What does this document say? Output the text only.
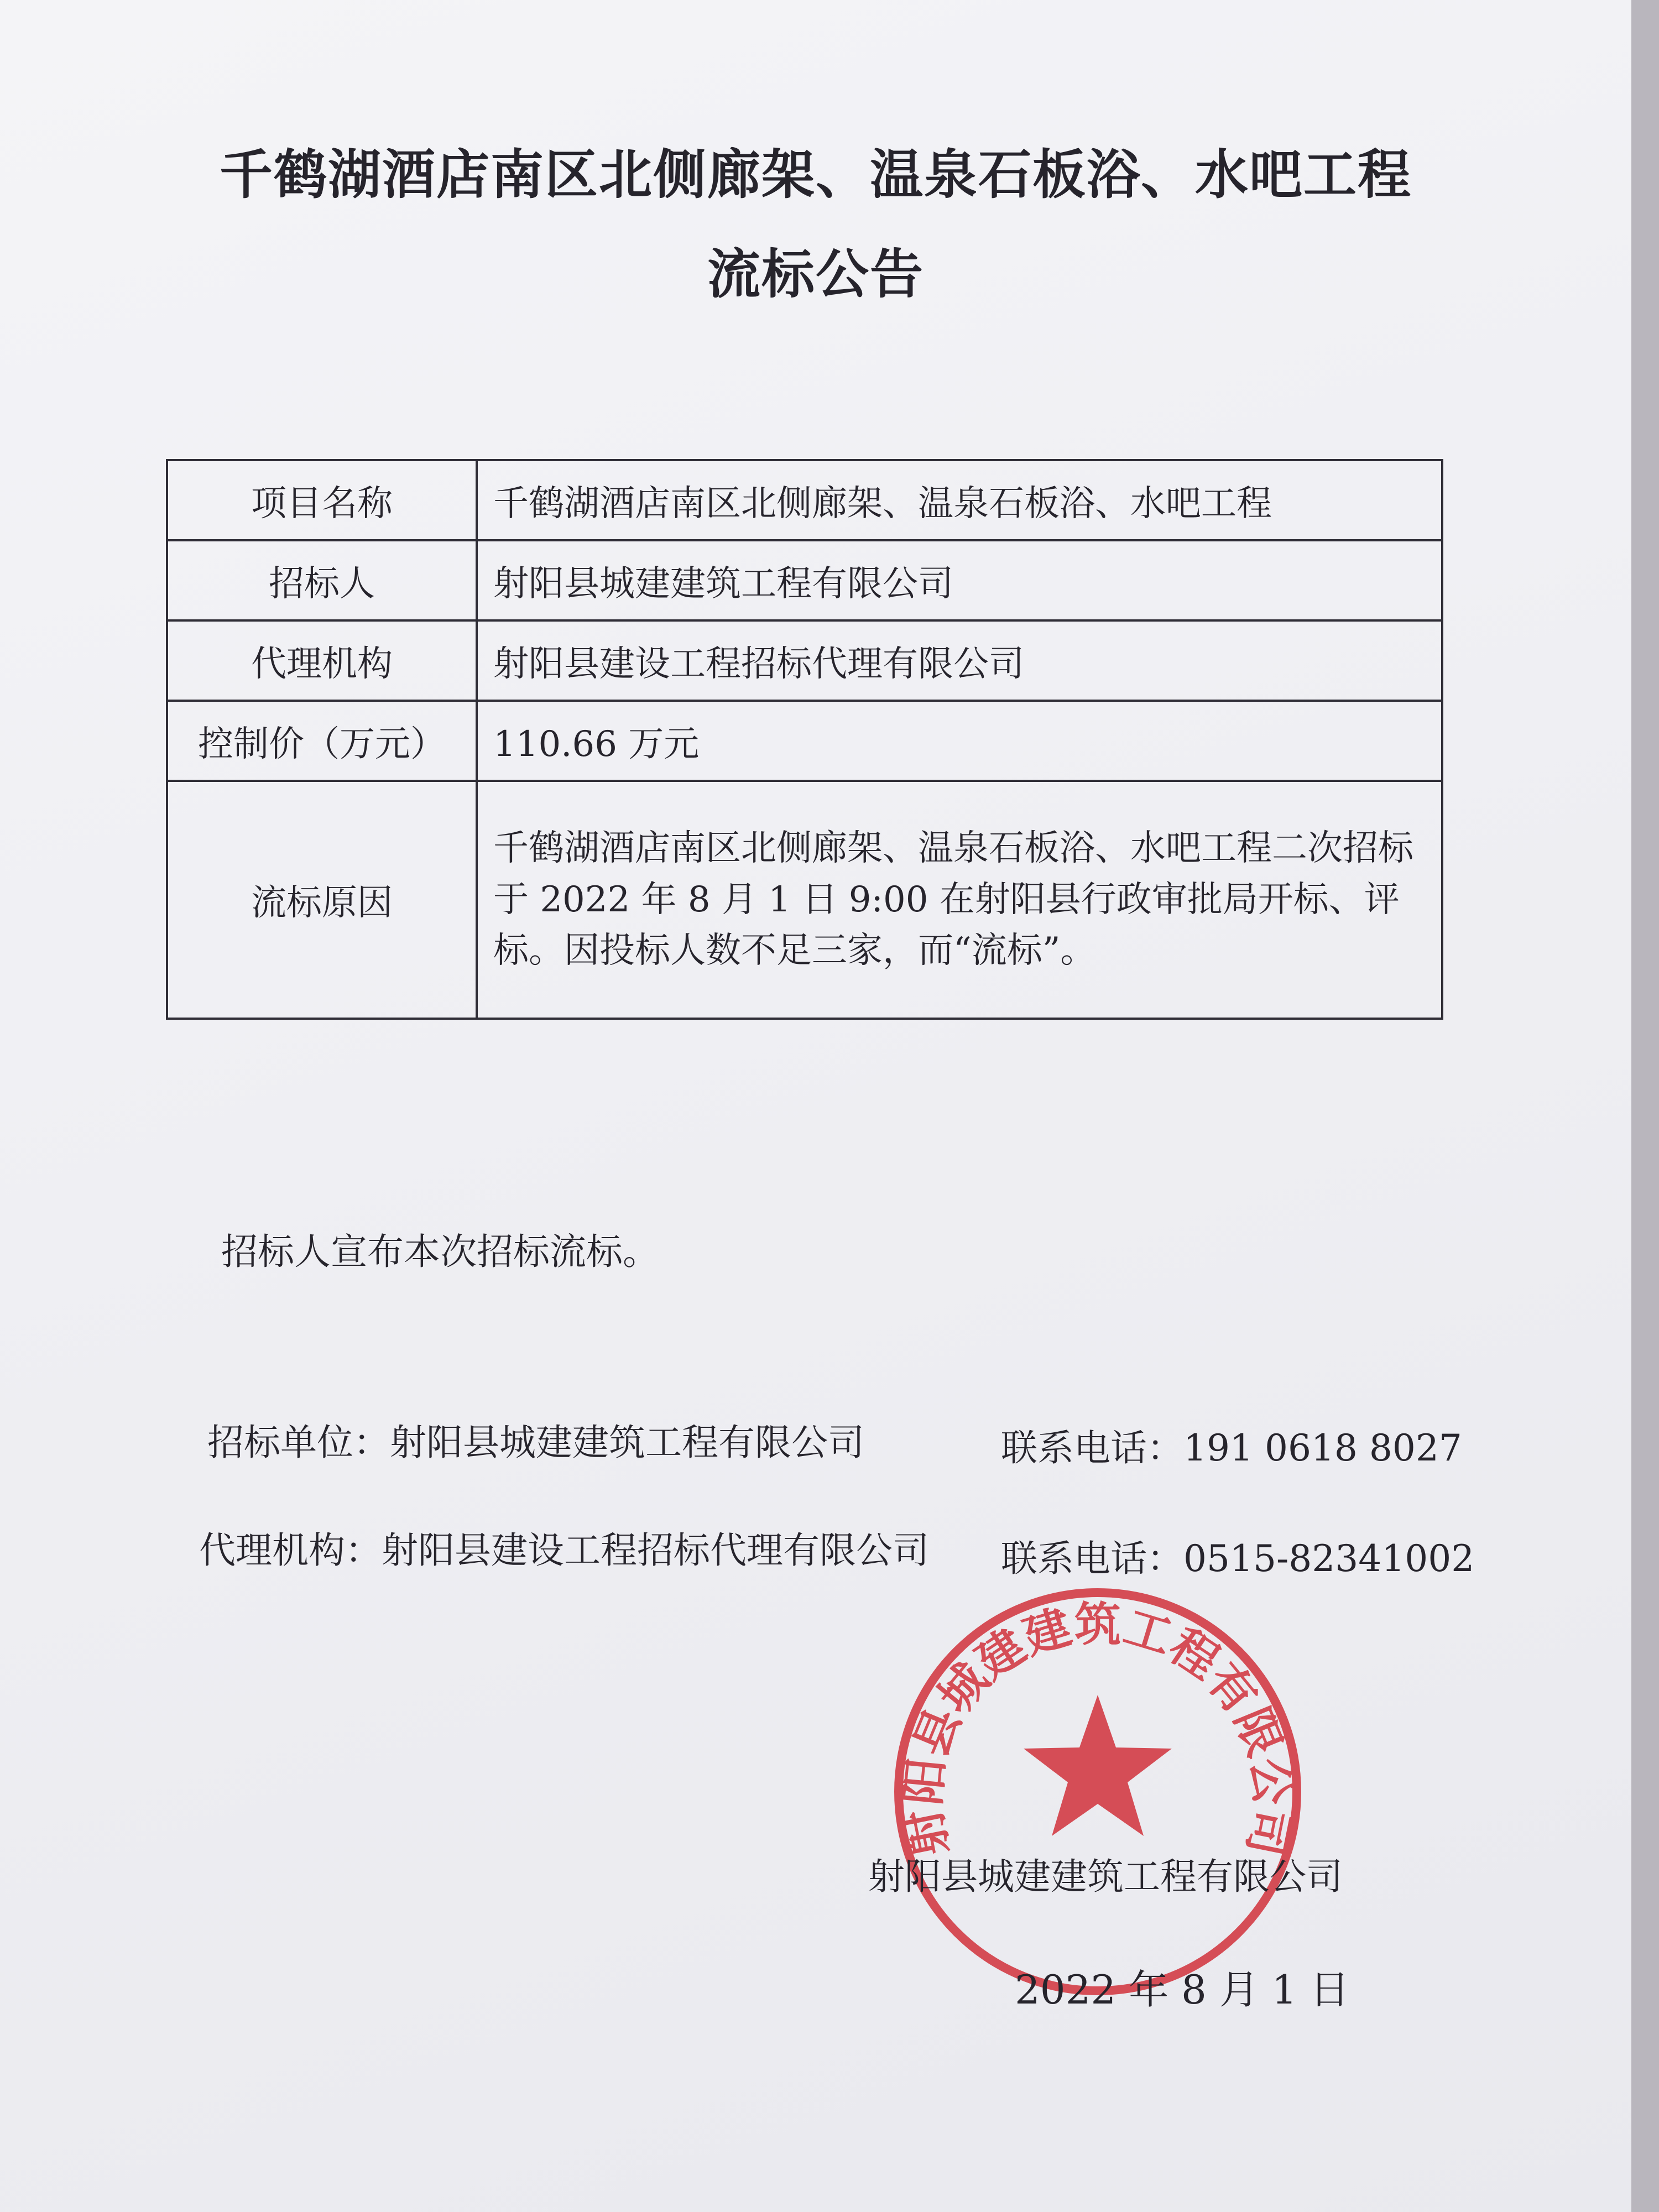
千鹤湖酒店南区北侧廊架、温泉石板浴、水吧工程
流标公告
项目名称	千鹤湖酒店南区北侧廊架、温泉石板浴、水吧工程
招标人	射阳县城建建筑工程有限公司
代理机构	射阳县建设工程招标代理有限公司
控制价（万元）	110.66 万元
流标原因	千鹤湖酒店南区北侧廊架、温泉石板浴、水吧工程二次招标于 2022 年 8 月 1 日 9:00 在射阳县行政审批局开标、评标。因投标人数不足三家，而“流标”。
招标人宣布本次招标流标。
招标单位：射阳县城建建筑工程有限公司	联系电话：191 0618 8027
代理机构：射阳县建设工程招标代理有限公司 联系电话：0515-82341002
射阳县城建建筑工程有限公司
射阳县城建建筑工程有限公司
2022 年 8 月 1 日
